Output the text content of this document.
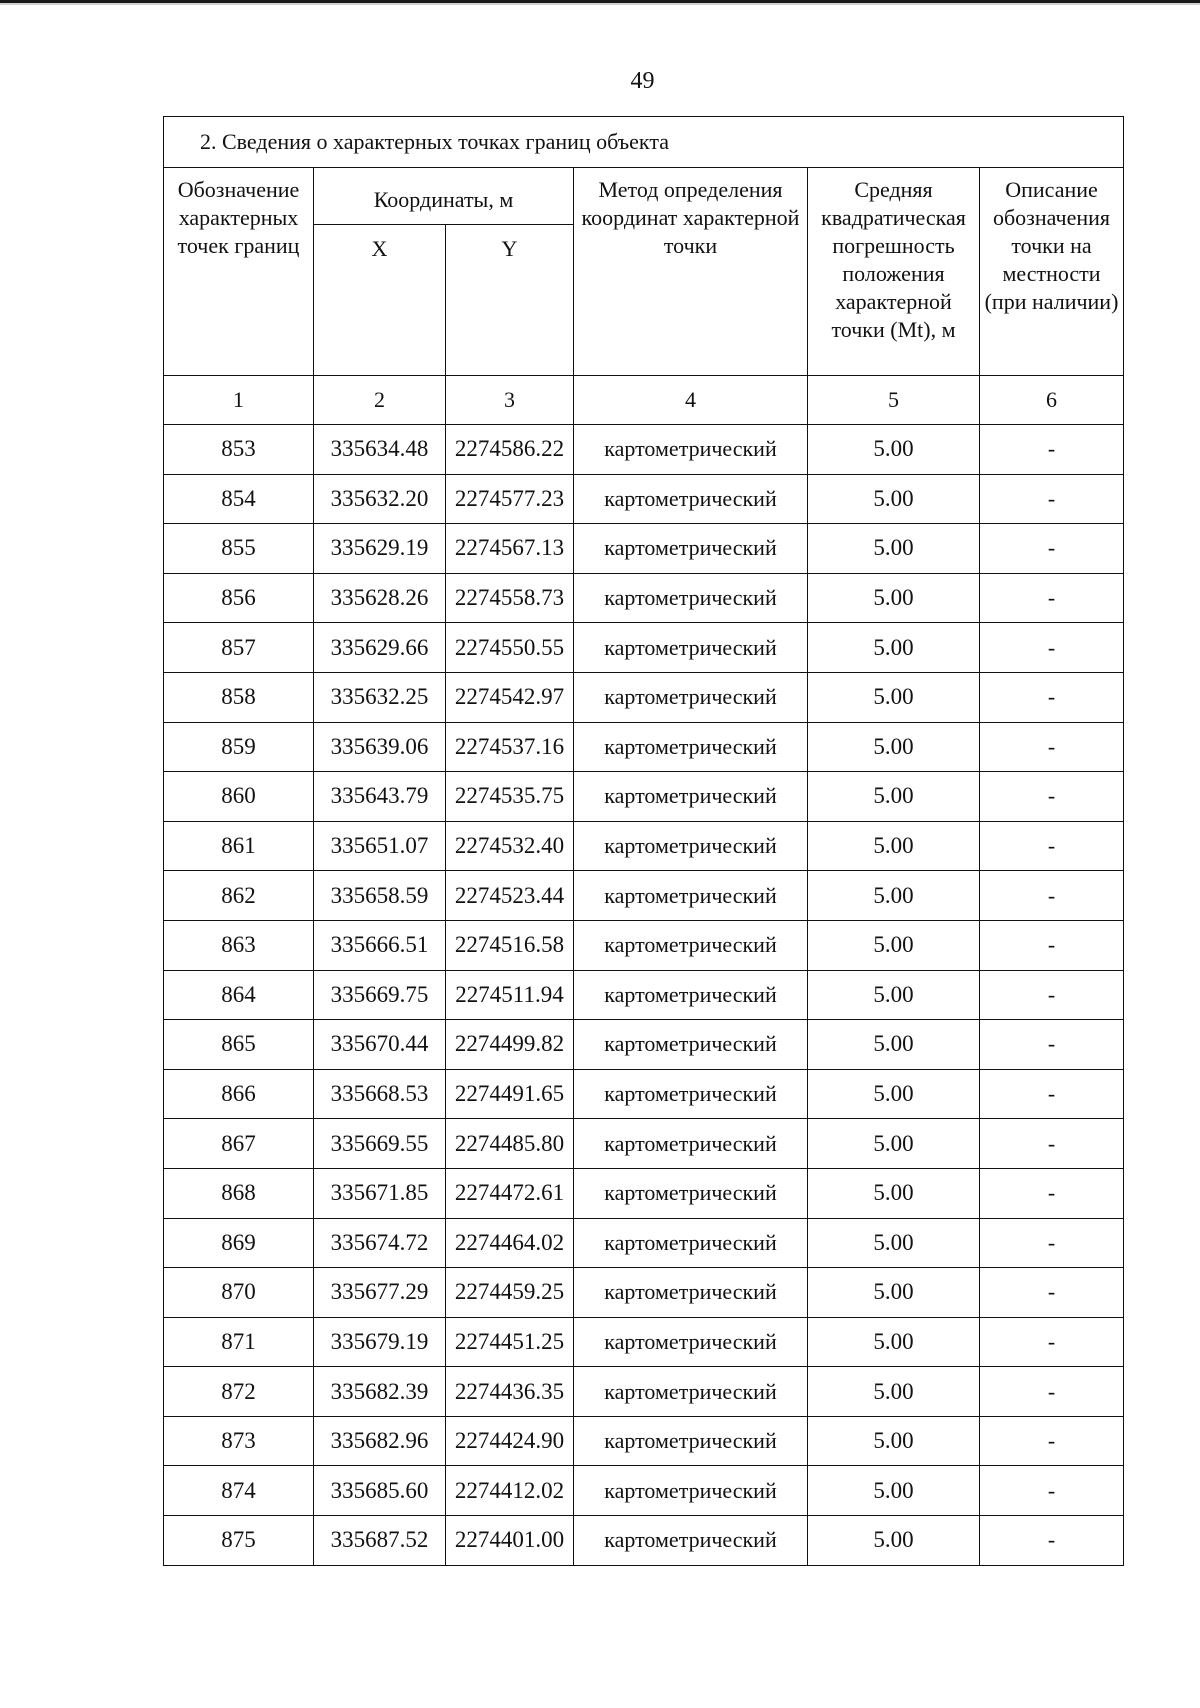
49
2. Сведения о характерных точках границ объекта					
Обозначение характерных точек границ	Координаты, м		Метод определения координат характерной точки	Средняя квадратическая погрешность положения характерной точки (Mt), м	Описание обозначения точки на местности (при наличии)
	X	Y			
1	2	3	4	5	6
853	335634.48	2274586.22	картометрический	5.00	-
854	335632.20	2274577.23	картометрический	5.00	-
855	335629.19	2274567.13	картометрический	5.00	-
856	335628.26	2274558.73	картометрический	5.00	-
857	335629.66	2274550.55	картометрический	5.00	-
858	335632.25	2274542.97	картометрический	5.00	-
859	335639.06	2274537.16	картометрический	5.00	-
860	335643.79	2274535.75	картометрический	5.00	-
861	335651.07	2274532.40	картометрический	5.00	-
862	335658.59	2274523.44	картометрический	5.00	-
863	335666.51	2274516.58	картометрический	5.00	-
864	335669.75	2274511.94	картометрический	5.00	-
865	335670.44	2274499.82	картометрический	5.00	-
866	335668.53	2274491.65	картометрический	5.00	-
867	335669.55	2274485.80	картометрический	5.00	-
868	335671.85	2274472.61	картометрический	5.00	-
869	335674.72	2274464.02	картометрический	5.00	-
870	335677.29	2274459.25	картометрический	5.00	-
871	335679.19	2274451.25	картометрический	5.00	-
872	335682.39	2274436.35	картометрический	5.00	-
873	335682.96	2274424.90	картометрический	5.00	-
874	335685.60	2274412.02	картометрический	5.00	-
875	335687.52	2274401.00	картометрический	5.00	-
